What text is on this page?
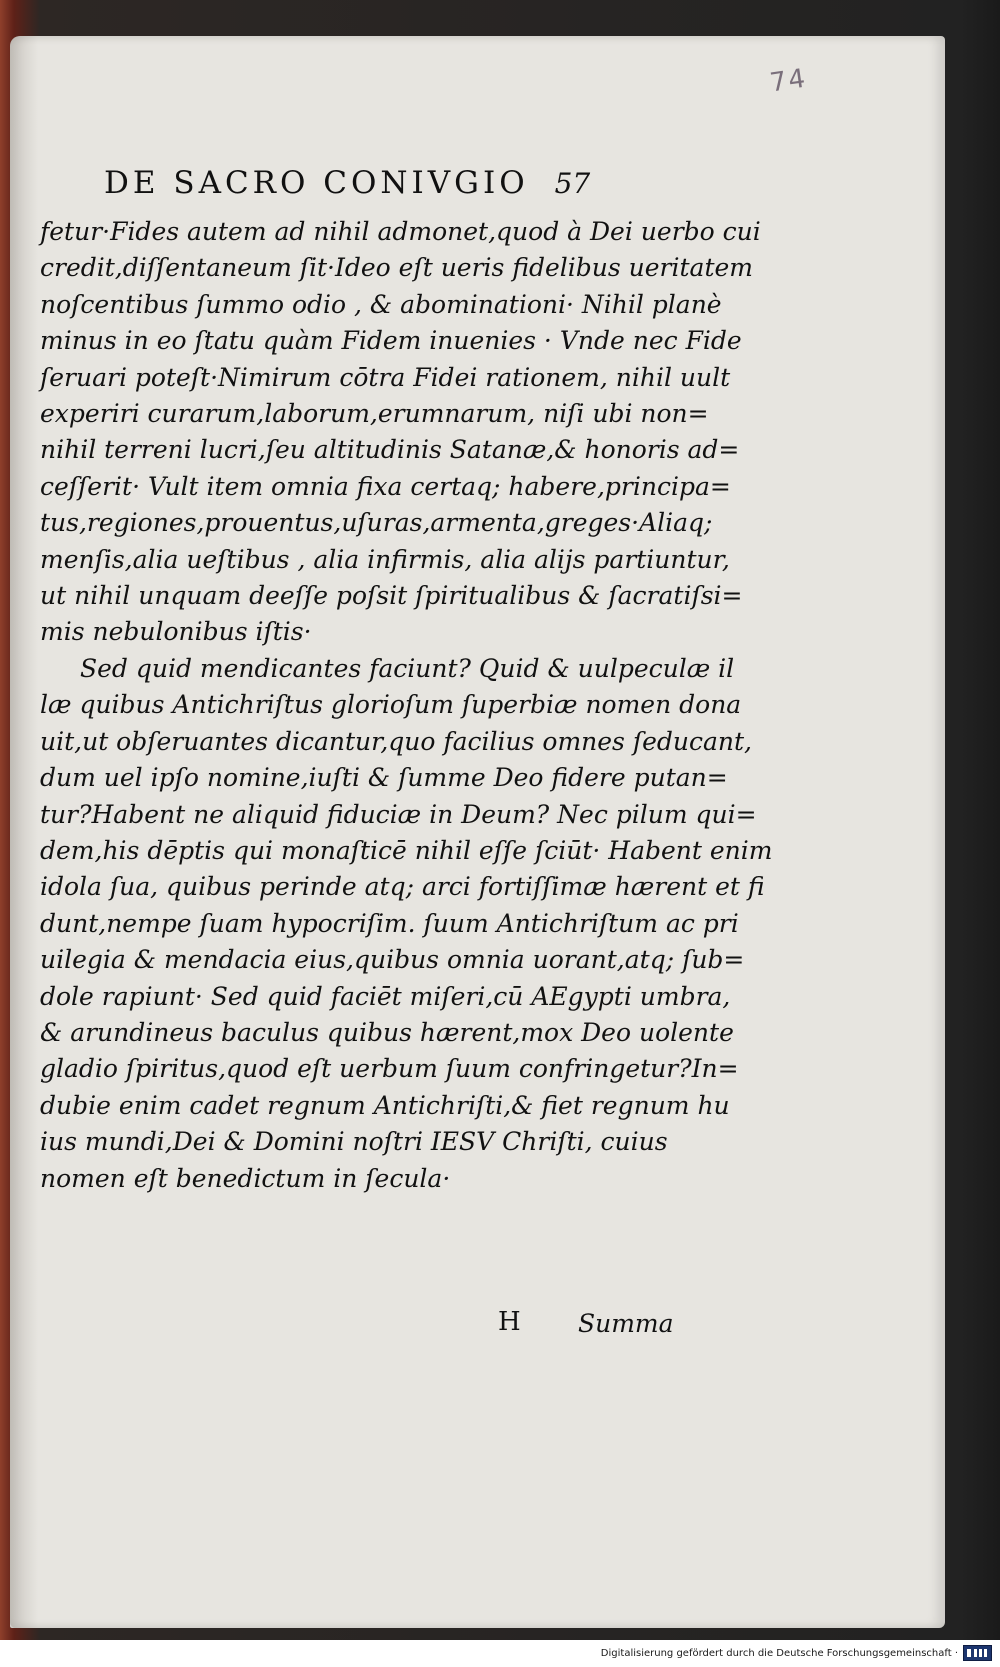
74
DE SACRO CONIVGIO 57
fetur·Fides autem ad nihil admonet,quod à Dei uerbo cui
credit,diſſentaneum ſit·Ideo eſt ueris fidelibus ueritatem
noſcentibus ſummo odio , & abominationi· Nihil planè
minus in eo ſtatu quàm Fidem inuenies · Vnde nec Fide
ſeruari poteſt·Nimirum cōtra Fidei rationem, nihil uult
experiri curarum,laborum,erumnarum, niſi ubi non=
nihil terreni lucri,ſeu altitudinis Satanæ,& honoris ad=
ceſſerit· Vult item omnia fixa certaq; habere,principa=
tus,regiones,prouentus,uſuras,armenta,greges·Aliaq;
menſis,alia ueſtibus , alia infirmis, alia alijs partiuntur,
ut nihil unquam deeſſe poſsit ſpiritualibus & ſacratiſsi=
mis nebulonibus iſtis·
Sed quid mendicantes faciunt? Quid & uulpeculæ il
læ quibus Antichriſtus glorioſum ſuperbiæ nomen dona
uit,ut obſeruantes dicantur,quo facilius omnes ſeducant,
dum uel ipſo nomine,iuſti & ſumme Deo fidere putan=
tur?Habent ne aliquid fiduciæ in Deum? Nec pilum qui=
dem,his dēptis qui monaſticē nihil eſſe ſciūt· Habent enim
idola ſua, quibus perinde atq; arci fortiſſimæ hærent et fi
dunt,nempe ſuam hypocriſim. ſuum Antichriſtum ac pri
uilegia & mendacia eius,quibus omnia uorant,atq; ſub=
dole rapiunt· Sed quid faciēt miſeri,cū AEgypti umbra,
& arundineus baculus quibus hærent,mox Deo uolente
gladio ſpiritus,quod eſt uerbum ſuum confringetur?In=
dubie enim cadet regnum Antichriſti,& fiet regnum hu
ius mundi,Dei & Domini noſtri IESV Chriſti, cuius
nomen eſt benedictum in ſecula·
H Summa
Digitalisierung gefördert durch die Deutsche Forschungsgemeinschaft ·
